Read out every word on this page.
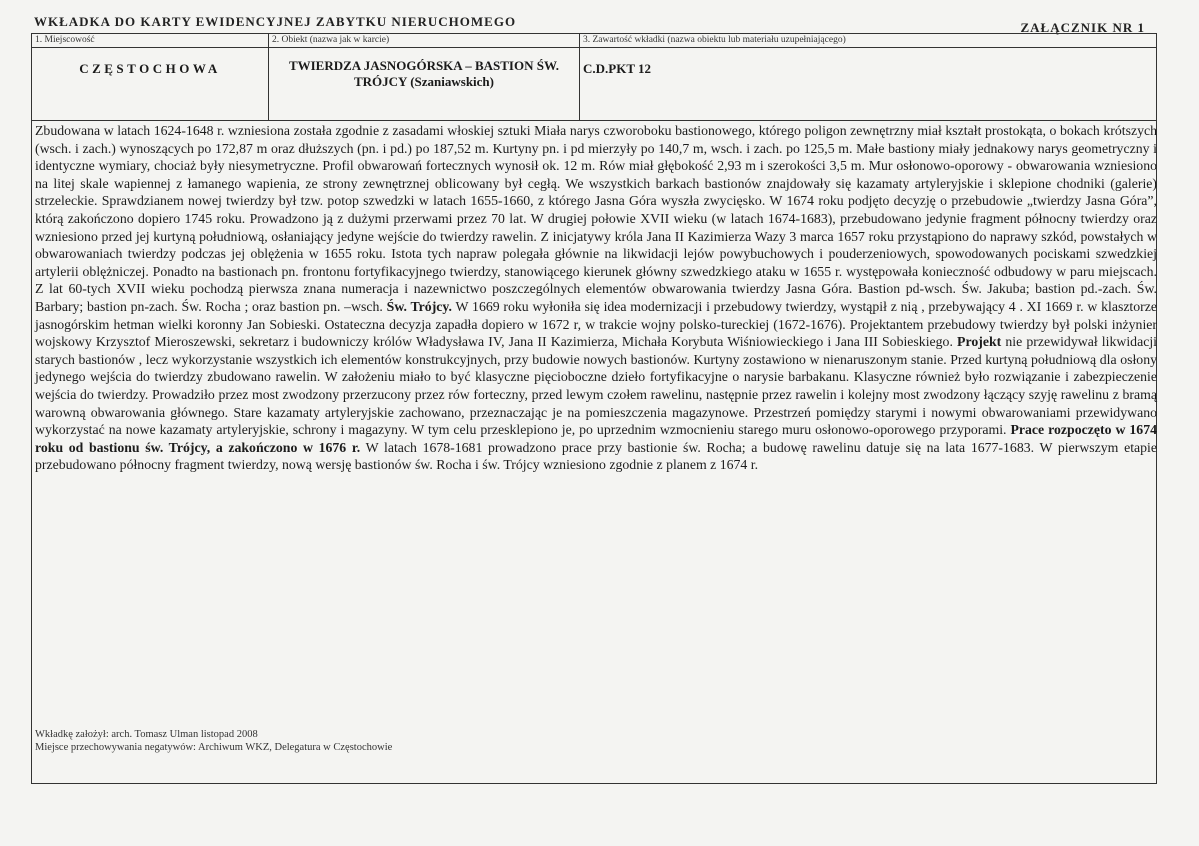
WKŁADKA DO KARTY EWIDENCYJNEJ ZABYTKU NIERUCHOMEGO	ZAŁĄCZNIK NR 1
1. Miejscowość
CZĘSTOCHOWA
2. Obiekt (nazwa jak w karcie)
TWIERDZA JASNOGÓRSKA – BASTION ŚW. TRÓJCY (Szaniawskich)
3. Zawartość wkładki (nazwa obiektu lub materiału uzupełniającego)
C.D.PKT 12
Zbudowana w latach 1624-1648 r. wzniesiona została zgodnie z zasadami włoskiej sztuki Miała narys czworoboku bastionowego, którego poligon zewnętrzny miał kształt prostokąta, o bokach krótszych (wsch. i zach.) wynoszących po 172,87 m oraz dłuższych (pn. i pd.) po 187,52 m. Kurtyny pn. i pd mierzyły po 140,7 m, wsch. i zach. po 125,5 m. Małe bastiony miały jednakowy narys geometryczny i identyczne wymiary, chociaż były niesymetryczne. Profil obwarowań fortecznych wynosił ok. 12 m. Rów miał głębokość 2,93 m i szerokości 3,5 m. Mur osłonowo-oporowy - obwarowania wzniesiono na litej skale wapiennej z łamanego wapienia, ze strony zewnętrznej oblicowany był cegłą. We wszystkich barkach bastionów znajdowały się kazamaty artyleryjskie i sklepione chodniki (galerie) strzeleckie. Sprawdzianem nowej twierdzy był tzw. potop szwedzki w latach 1655-1660, z którego Jasna Góra wyszła zwycięsko. W 1674 roku podjęto decyzję o przebudowie „twierdzy Jasna Góra”, którą zakończono dopiero 1745 roku. Prowadzono ją z dużymi przerwami przez 70 lat. W drugiej połowie XVII wieku (w latach 1674-1683), przebudowano jedynie fragment północny twierdzy oraz wzniesiono przed jej kurtyną południową, osłaniający jedyne wejście do twierdzy rawelin. Z inicjatywy króla Jana II Kazimierza Wazy 3 marca 1657 roku przystąpiono do naprawy szkód, powstałych w obwarowaniach twierdzy podczas jej oblężenia w 1655 roku. Istota tych napraw polegała głównie na likwidacji lejów powybuchowych i pouderzeniowych, spowodowanych pociskami szwedzkiej artylerii oblężniczej. Ponadto na bastionach pn. frontonu fortyfikacyjnego twierdzy, stanowiącego kierunek główny szwedzkiego ataku w 1655 r. występowała konieczność odbudowy w paru miejscach. Z lat 60-tych XVII wieku pochodzą pierwsza znana numeracja i nazewnictwo poszczególnych elementów obwarowania twierdzy Jasna Góra. Bastion pd-wsch. Św. Jakuba; bastion pd.-zach. Św. Barbary; bastion pn-zach. Św. Rocha ; oraz bastion pn. –wsch. Św. Trójcy. W 1669 roku wyłoniła się idea modernizacji i przebudowy twierdzy, wystąpił z nią , przebywający 4 . XI 1669 r. w klasztorze jasnogórskim hetman wielki koronny Jan Sobieski. Ostateczna decyzja zapadła dopiero w 1672 r, w trakcie wojny polsko-tureckiej (1672-1676). Projektantem przebudowy twierdzy był polski inżynier wojskowy Krzysztof Mieroszewski, sekretarz i budowniczy królów Władysława IV, Jana II Kazimierza, Michała Korybuta Wiśniowieckiego i Jana III Sobieskiego. Projekt nie przewidywał likwidacji starych bastionów , lecz wykorzystanie wszystkich ich elementów konstrukcyjnych, przy budowie nowych bastionów. Kurtyny zostawiono w nienaruszonym stanie. Przed kurtyną południową dla osłony jedynego wejścia do twierdzy zbudowano rawelin. W założeniu miało to być klasyczne pięcioboczne dzieło fortyfikacyjne o narysie barbakanu. Klasyczne również było rozwiązanie i zabezpieczenie wejścia do twierdzy. Prowadziło przez most zwodzony przerzucony przez rów forteczny, przed lewym czołem rawelinu, następnie przez rawelin i kolejny most zwodzony łączący szyję rawelinu z bramą warowną obwarowania głównego. Stare kazamaty artyleryjskie zachowano, przeznaczając je na pomieszczenia magazynowe. Przestrzeń pomiędzy starymi i nowymi obwarowaniami przewidywano wykorzystać na nowe kazamaty artyleryjskie, schrony i magazyny. W tym celu przesklepiono je, po uprzednim wzmocnieniu starego muru osłonowo-oporowego przyporami. Prace rozpoczęto w 1674 roku od bastionu św. Trójcy, a zakończono w 1676 r. W latach 1678-1681 prowadzono prace przy bastionie św. Rocha; a budowę rawelinu datuje się na lata 1677-1683. W pierwszym etapie przebudowano północny fragment twierdzy, nową wersję bastionów św. Rocha i św. Trójcy wzniesiono zgodnie z planem z 1674 r.
Wkładkę założył: arch. Tomasz Ulman listopad 2008
Miejsce przechowywania negatywów: Archiwum WKZ, Delegatura w Częstochowie
